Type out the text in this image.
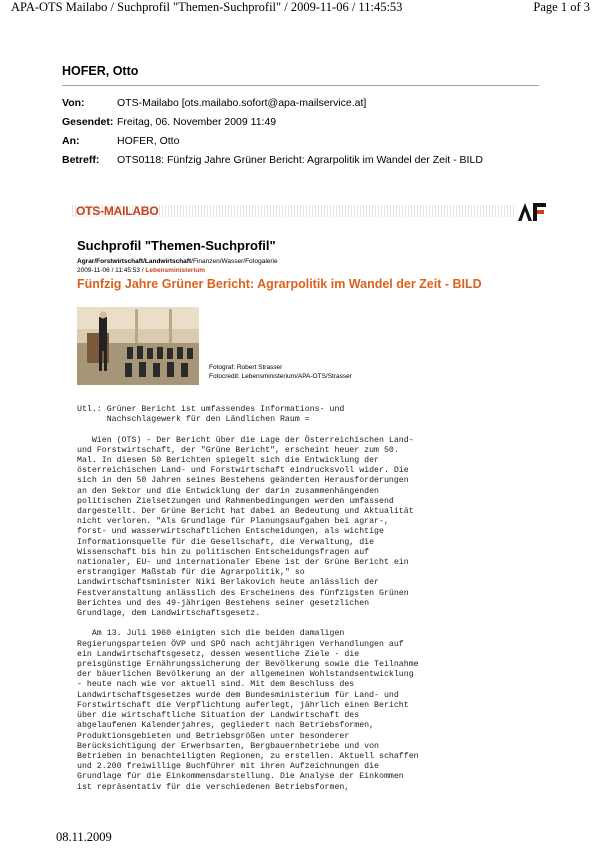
APA-OTS Mailabo / Suchprofil "Themen-Suchprofil" / 2009-11-06 / 11:45:53	Page 1 of 3
HOFER, Otto
Von:	OTS-Mailabo [ots.mailabo.sofort@apa-mailservice.at]
Gesendet: Freitag, 06. November 2009 11:49
An:	HOFER, Otto
Betreff:	OTS0118: Fünfzig Jahre Grüner Bericht: Agrarpolitik im Wandel der Zeit - BILD
OTS-MAILABO
Suchprofil "Themen-Suchprofil"
Agrar/Forstwirtschaft/Landwirtschaft/Finanzen/Wasser/Fotogalerie
2009-11-06 / 11:45:53 / Lebensministerium
Fünfzig Jahre Grüner Bericht: Agrarpolitik im Wandel der Zeit - BILD
Fotograf: Robert Strasser
Fotocredit: Lebensministerium/APA-OTS/Strasser
Utl.: Grüner Bericht ist umfassendes Informations- und
Nachschlagewerk für den Ländlichen Raum =

Wien (OTS) - Der Bericht über die Lage der Österreichischen Land-
und Forstwirtschaft, der "Grüne Bericht", erscheint heuer zum 50.
Mal. In diesen 50 Berichten spiegelt sich die Entwicklung der
österreichischen Land- und Forstwirtschaft eindrucksvoll wider. Die
sich in den 50 Jahren seines Bestehens geänderten Herausforderungen
an den Sektor und die Entwicklung der darin zusammenhängenden
politischen Zielsetzungen und Rahmenbedingungen werden umfassend
dargestellt. Der Grüne Bericht hat dabei an Bedeutung und Aktualität
nicht verloren. "Als Grundlage für Planungsaufgaben bei agrar-,
forst- und wasserwirtschaftlichen Entscheidungen, als wichtige
Informationsquelle für die Gesellschaft, die Verwaltung, die
Wissenschaft bis hin zu politischen Entscheidungsfragen auf
nationaler, EU- und internationaler Ebene ist der Grüne Bericht ein
erstrangiger Maßstab für die Agrarpolitik," so
Landwirtschaftsminister Niki Berlakovich heute anlässlich der
Festveranstaltung anlässlich des Erscheinens des fünfzigsten Grünen
Berichtes und des 49-jährigen Bestehens seiner gesetzlichen
Grundlage, dem Landwirtschaftsgesetz.

Am 13. Juli 1960 einigten sich die beiden damaligen
Regierungsparteien ÖVP und SPÖ nach achtjährigen Verhandlungen auf
ein Landwirtschaftsgesetz, dessen wesentliche Ziele - die
preisgünstige Ernährungssicherung der Bevölkerung sowie die Teilnahme
der bäuerlichen Bevölkerung an der allgemeinen Wohlstandsentwicklung
- heute nach wie vor aktuell sind. Mit dem Beschluss des
Landwirtschaftsgesetzes wurde dem Bundesministerium für Land- und
Forstwirtschaft die Verpflichtung auferlegt, jährlich einen Bericht
über die wirtschaftliche Situation der Landwirtschaft des
abgelaufenen Kalenderjahres, gegliedert nach Betriebsformen,
Produktionsgebieten und Betriebsgrößen unter besonderer
Berücksichtigung der Erwerbsarten, Bergbauernbetriebe und von
Betrieben in benachteiligten Regionen, zu erstellen. Aktuell schaffen
und 2.200 freiwillige Buchführer mit ihren Aufzeichnungen die
Grundlage für die Einkommensdarstellung. Die Analyse der Einkommen
ist repräsentativ für die verschiedenen Betriebsformen,
08.11.2009
